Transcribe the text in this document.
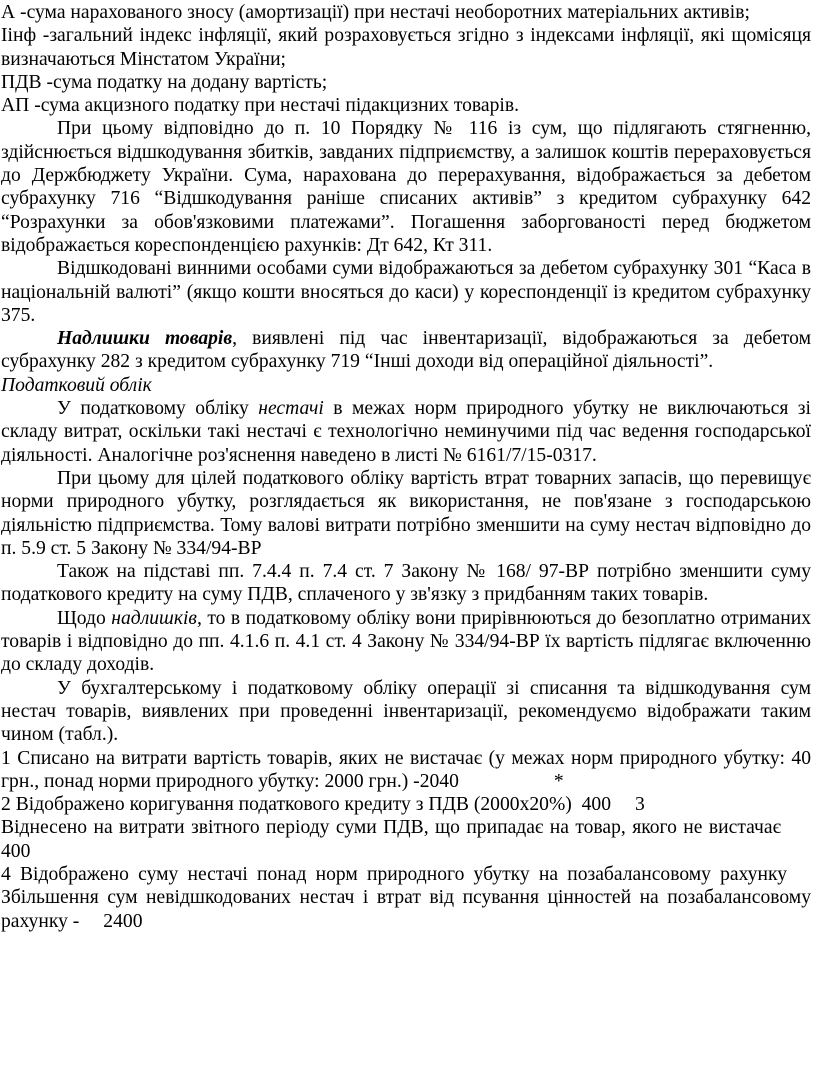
А -сума нарахованого зносу (амортизації) при нестачі необоротних матеріальних активів;

Іінф -загальний індекс інфляції, який розраховується згідно з індексами інфляції, які щомісяця визначаються Мінстатом України;

ПДВ -сума податку на додану вартість;

АП -сума акцизного податку при нестачі підакцизних товарів.

При цьому відповідно до п. 10 Порядку № 116 із сум, що підлягають стягненню, здійснюється відшкодування збитків, завданих підприємству, а залишок коштів перераховується до Держбюджету України. Сума, нарахована до перерахування, відображається за дебетом субрахунку 716 “Відшкодування раніше списаних активів” з кредитом субрахунку 642 “Розрахунки за обов'язковими платежами”. Погашення заборгованості перед бюджетом відображається кореспонденцією рахунків: Дт 642, Кт 311.

Відшкодовані винними особами суми відображаються за дебетом субрахунку 301 “Каса в національній валюті” (якщо кошти вносяться до каси) у кореспонденції із кредитом субрахунку 375.

Надлишки товарів, виявлені під час інвентаризації, відображаються за дебетом субрахунку 282 з кредитом субрахунку 719 “Інші доходи від операційної діяльності”.

Податковий облік

У податковому обліку нестачі в межах норм природного убутку не виключаються зі складу витрат, оскільки такі нестачі є технологічно неминучими під час ведення господарської діяльності. Аналогічне роз'яснення наведено в листі № 6161/7/15-0317.

При цьому для цілей податкового обліку вартість втрат товарних запасів, що перевищує норми природного убутку, розглядається як використання, не пов'язане з господарською діяльністю підприємства. Тому валові витрати потрібно зменшити на суму нестач відповідно до п. 5.9 ст. 5 Закону № 334/94-ВР

Також на підставі пп. 7.4.4 п. 7.4 ст. 7 Закону № 168/ 97-ВР потрібно зменшити суму податкового кредиту на суму ПДВ, сплаченого у зв'язку з придбанням таких товарів.

Щодо надлишків, то в податковому обліку вони прирівнюються до безоплатно отриманих товарів і відповідно до пп. 4.1.6 п. 4.1 ст. 4 Закону № 334/94-ВР їх вартість підлягає включенню до складу доходів.

У бухгалтерському і податковому обліку операції зі списання та відшкодування сум нестач товарів, виявлених при проведенні інвентаризації, рекомендуємо відображати таким чином (табл.).

1 Списано на витрати вартість товарів, яких не вистачає (у межах норм природного убутку: 40 грн., понад норми природного убутку: 2000 грн.) -2040	*

2 Відображено коригування податкового кредиту з ПДВ (2000х20%) 400 3

Віднесено на витрати звітного періоду суми ПДВ, що припадає на товар, якого не вистачає400

4 Відображено суму нестачі понад норм природного убутку на позабалансовому рахункуЗбільшення сум невідшкодованих нестач і втрат від псування цінностей на позабалансовому рахунку - 2400
